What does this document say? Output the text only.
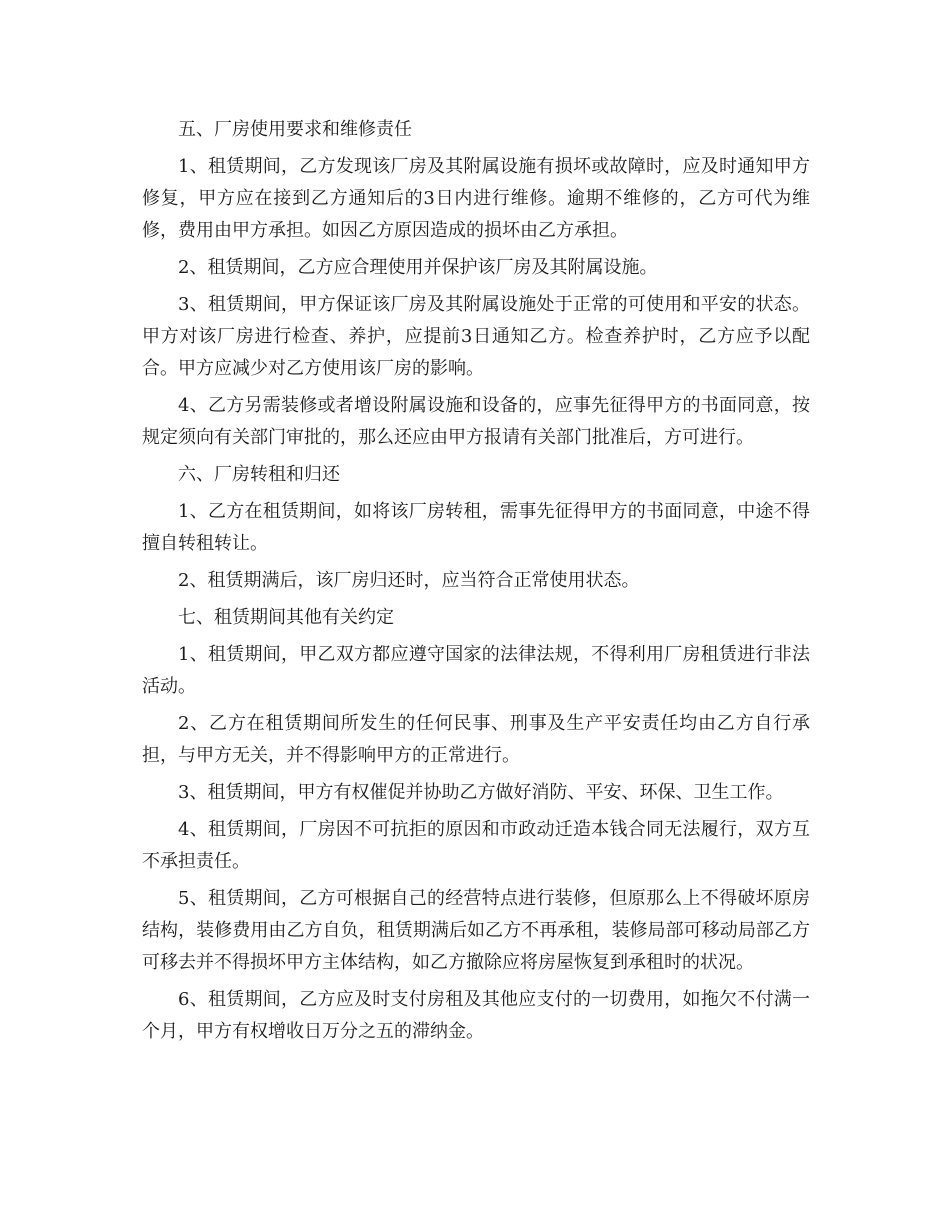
五、厂房使用要求和维修责任

1、租赁期间，乙方发现该厂房及其附属设施有损坏或故障时，应及时通知甲方修复，甲方应在接到乙方通知后的3日内进行维修。逾期不维修的，乙方可代为维修，费用由甲方承担。如因乙方原因造成的损坏由乙方承担。

2、租赁期间，乙方应合理使用并保护该厂房及其附属设施。

3、租赁期间，甲方保证该厂房及其附属设施处于正常的可使用和平安的状态。甲方对该厂房进行检查、养护，应提前3日通知乙方。检查养护时，乙方应予以配合。甲方应减少对乙方使用该厂房的影响。

4、乙方另需装修或者增设附属设施和设备的，应事先征得甲方的书面同意，按规定须向有关部门审批的，那么还应由甲方报请有关部门批准后，方可进行。

六、厂房转租和归还

1、乙方在租赁期间，如将该厂房转租，需事先征得甲方的书面同意，中途不得擅自转租转让。

2、租赁期满后，该厂房归还时，应当符合正常使用状态。

七、租赁期间其他有关约定

1、租赁期间，甲乙双方都应遵守国家的法律法规，不得利用厂房租赁进行非法活动。

2、乙方在租赁期间所发生的任何民事、刑事及生产平安责任均由乙方自行承担，与甲方无关，并不得影响甲方的正常进行。

3、租赁期间，甲方有权催促并协助乙方做好消防、平安、环保、卫生工作。

4、租赁期间，厂房因不可抗拒的原因和市政动迁造本钱合同无法履行，双方互不承担责任。

5、租赁期间，乙方可根据自己的经营特点进行装修，但原那么上不得破坏原房结构，装修费用由乙方自负，租赁期满后如乙方不再承租，装修局部可移动局部乙方可移去并不得损坏甲方主体结构，如乙方撤除应将房屋恢复到承租时的状况。

6、租赁期间，乙方应及时支付房租及其他应支付的一切费用，如拖欠不付满一个月，甲方有权增收日万分之五的滞纳金。
